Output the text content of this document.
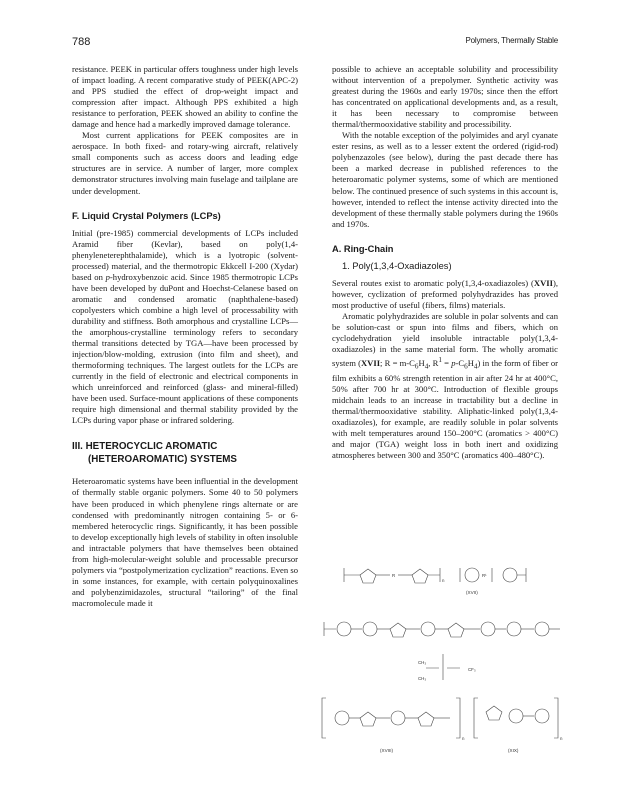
788	Polymers, Thermally Stable

resistance. PEEK in particular offers toughness under high levels of impact loading. A recent comparative study of PEEK(APC-2) and PPS studied the effect of drop-weight impact and compression after impact. Although PPS exhibited a high resistance to perforation, PEEK showed an ability to confine the damage and hence had a markedly improved damage tolerance.

Most current applications for PEEK composites are in aerospace. In both fixed- and rotary-wing aircraft, relatively small components such as access doors and leading edge structures are in service. A number of larger, more complex demonstrator structures involving main fuselage and tailplane are under development.

F. Liquid Crystal Polymers (LCPs)

Initial (pre-1985) commercial developments of LCPs included Aramid fiber (Kevlar), based on poly(1,4-phenyleneterephthalamide), which is a lyotropic (solvent-processed) material, and the thermotropic Ekkcell I-200 (Xydar) based on p-hydroxybenzoic acid. Since 1985 thermotropic LCPs have been developed by duPont and Hoechst-Celanese based on aromatic and condensed aromatic (naphthalene-based) copolyesters which combine a high level of processability with durability and stiffness. Both amorphous and crystalline LCPs—the amorphous-crystalline terminology refers to secondary thermal transitions detected by TGA—have been processed by injection/blow-molding, extrusion (into film and sheet), and thermoforming techniques. The largest outlets for the LCPs are currently in the field of electronic and electrical components in which unreinforced and reinforced (glass- and mineral-filled) have been used. Surface-mount applications of these components require high dimensional and thermal stability provided by the LCPs during vapor phase or infrared soldering.

III. HETEROCYCLIC AROMATIC
(HETEROAROMATIC) SYSTEMS

Heteroaromatic systems have been influential in the development of thermally stable organic polymers. Some 40 to 50 polymers have been produced in which phenylene rings alternate or are condensed with predominantly nitrogen containing 5- or 6-membered heterocyclic rings. Significantly, it has been possible to develop exceptionally high levels of stability in often insoluble and intractable polymers that have themselves been obtained from high-molecular-weight soluble and processable precursor polymers via “postpolymerization cyclization” reactions. Even so in some instances, for example, with certain polyquinoxalines and polybenzimidazoles, structural “tailoring” of the final macromolecule made it

possible to achieve an acceptable solubility and processibility without intervention of a prepolymer. Synthetic activity was greatest during the 1960s and early 1970s; since then the effort has concentrated on applicational developments and, as a result, it has been necessary to compromise between thermal/thermooxidative stability and processibility.

With the notable exception of the polyimides and aryl cyanate ester resins, as well as to a lesser extent the ordered (rigid-rod) polybenzazoles (see below), during the past decade there has been a marked decrease in published references to the heteroaromatic polymer systems, some of which are mentioned below. The continued presence of such systems in this account is, however, intended to reflect the intense activity directed into the development of these thermally stable polymers during the 1960s and 1970s.

A. Ring-Chain
1. Poly(1,3,4-Oxadiazoles)

Several routes exist to aromatic poly(1,3,4-oxadiazoles) (XVII), however, cyclization of preformed polyhydrazides has proved most productive of useful (fibers, films) materials.

Aromatic polyhydrazides are soluble in polar solvents and can be solution-cast or spun into films and fibers, which on cyclodehydration yield insoluble intractable poly(1,3,4-oxadiazoles) in the same material form. The wholly aromatic system (XVII; $R = m-C_6H_4$, $R^1 = p-C_6H_4$) in the form of fiber or film exhibits a 60% strength retention in air after 24 hr at 400°C, 50% after 700 hr at 300°C. Introduction of flexible groups midchain leads to an increase in tractability but a decline in thermal/thermooxidative stability. Aliphatic-linked poly(1,3,4-oxadiazoles), for example, are readily soluble in polar solvents with melt temperatures around 150–200°C (aromatics > 400°C) and major (TGA) weight loss in both inert and oxidizing atmospheres between 300 and 350°C (aromatics 400–480°C).

R
n
R¹
(XVII)
CH₃
CH₃
CF₃
n
(XVIII)
n
(XIX)
